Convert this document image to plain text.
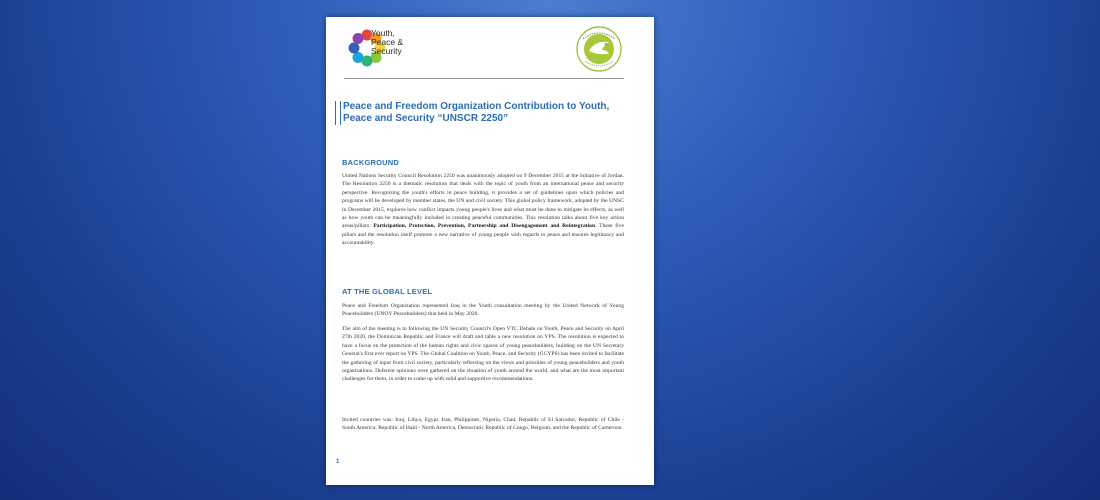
Youth,
Peace &
Security
Peace and Freedom Organization Contribution to Youth, Peace and Security “UNSCR 2250”
BACKGROUND

United Nations Security Council Resolution 2250 was unanimously adopted on 9 December 2015 at the initiative of Jordan. The Resolution 2250 is a thematic resolution that deals with the topic of youth from an international peace and security perspective. Recognizing the youth's efforts in peace building, it provides a set of guidelines upon which policies and programs will be developed by member states, the UN and civil society. This global policy framework, adopted by the UNSC in December 2015, explores how conflict impacts young people's lives and what must be done to mitigate its effects, as well as how youth can be meaningfully included in creating peaceful communities. This resolution talks about five key action areas/pillars: Participation, Protection, Prevention, Partnership and Disengagement and Reintegration. These five pillars and the resolution itself promote a new narrative of young people with regards to peace and ensures legitimacy and accountability.

AT THE GLOBAL LEVEL

Peace and Freedom Organization represented Iraq in the Youth consultation meeting by the United Network of Young Peacebuilders (UNOY Peacebuilders) that held in May 2020.

The aim of the meeting is to following the UN Security Council's Open VTC Debate on Youth, Peace and Security on April 27th 2020, the Dominican Republic and France will draft and table a new resolution on YPS. The resolution is expected to have a focus on the protection of the human rights and civic spaces of young peacebuilders, building on the UN Secretary General's first ever report on YPS. The Global Coalition on Youth, Peace, and Security (GCYPS) has been invited to facilitate the gathering of input from civil society, particularly reflecting on the views and priorities of young peacebuilders and youth organizations. Deferent opinions were gathered on the situation of youth around the world, and what are the most important challenges for them, in order to come up with solid and supportive recommendations.

Invited countries was: Iraq, Libya, Egypt, Iran, Philippines, Nigeria, Chad, Republic of El Salvador, Republic of Chile - South America, Republic of Haiti - North America, Democratic Republic of Congo, Belgium, and the Republic of Cameroon.

1
